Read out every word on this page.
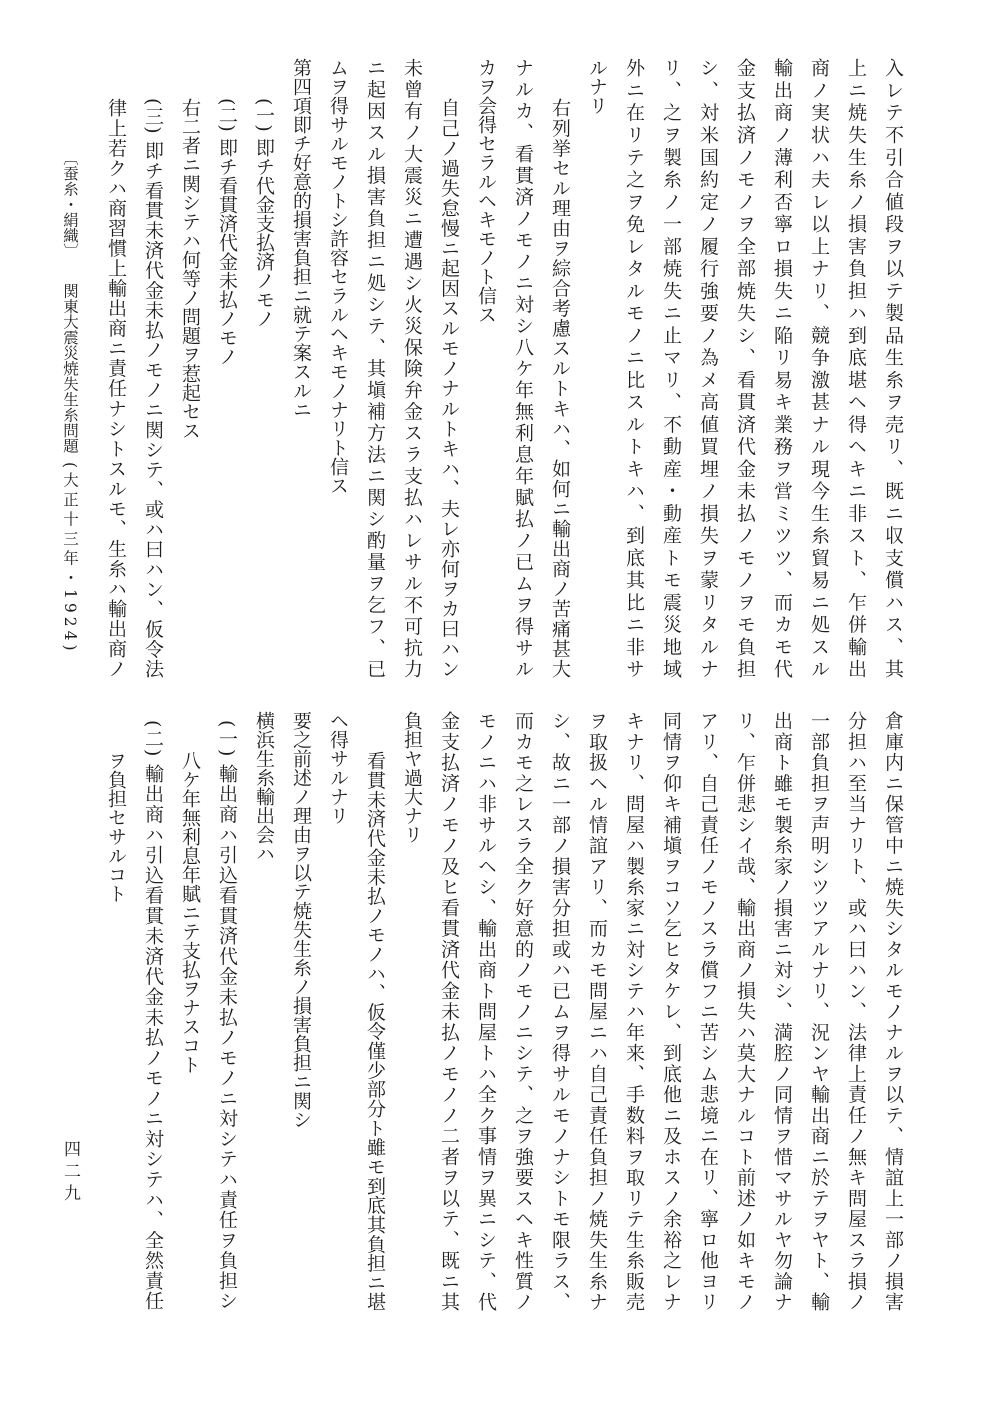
入レテ不引合値段ヲ以テ製品生糸ヲ売リ、既ニ収支償ハス、其
上ニ焼失生糸ノ損害負担ハ到底堪ヘ得ヘキニ非スト、乍併輸出
商ノ実状ハ夫レ以上ナリ、競争激甚ナル現今生糸貿易ニ処スル
輸出商ノ薄利否寧ロ損失ニ陥リ易キ業務ヲ営ミツツ、而カモ代
金支払済ノモノヲ全部焼失シ、看貫済代金未払ノモノヲモ負担
シ、対米国約定ノ履行強要ノ為メ高値買埋ノ損失ヲ蒙リタルナ
リ、之ヲ製糸ノ一部焼失ニ止マリ、不動産・動産トモ震災地域
外ニ在リテ之ヲ免レタルモノニ比スルトキハ、到底其比ニ非サ
ルナリ
右列挙セル理由ヲ綜合考慮スルトキハ、如何ニ輸出商ノ苦痛甚大
ナルカ、看貫済ノモノニ対シ八ケ年無利息年賦払ノ已ムヲ得サル
カヲ会得セラルヘキモノト信ス
自己ノ過失怠慢ニ起因スルモノナルトキハ、夫レ亦何ヲカ曰ハン
未曾有ノ大震災ニ遭遇シ火災保険弁金スラ支払ハレサル不可抗力
ニ起因スル損害負担ニ処シテ、其塡補方法ニ関シ酌量ヲ乞フ、已
ムヲ得サルモノトシ許容セラルヘキモノナリト信ス
第四項即チ好意的損害負担ニ就テ案スルニ
(一) 即チ代金支払済ノモノ
(二) 即チ看貫済代金未払ノモノ
右二者ニ関シテハ何等ノ問題ヲ惹起セス
(三) 即チ看貫未済代金未払ノモノニ関シテ、或ハ曰ハン、仮令法
律上若クハ商習慣上輸出商ニ責任ナシトスルモ、生糸ハ輸出商ノ
倉庫内ニ保管中ニ焼失シタルモノナルヲ以テ、情誼上一部ノ損害
分担ハ至当ナリト、或ハ曰ハン、法律上責任ノ無キ問屋スラ損ノ
一部負担ヲ声明シツツアルナリ、況ンヤ輸出商ニ於テヲヤト、輸
出商ト雖モ製糸家ノ損害ニ対シ、満腔ノ同情ヲ惜マサルヤ勿論ナ
リ、乍併悲シイ哉、輸出商ノ損失ハ莫大ナルコト前述ノ如キモノ
アリ、自己責任ノモノスラ償フニ苦シム悲境ニ在リ、寧ロ他ヨリ
同情ヲ仰キ補塡ヲコソ乞ヒタケレ、到底他ニ及ホスノ余裕之レナ
キナリ、問屋ハ製糸家ニ対シテハ年来、手数料ヲ取リテ生糸販売
ヲ取扱ヘル情誼アリ、而カモ問屋ニハ自己責任負担ノ焼失生糸ナ
シ、故ニ一部ノ損害分担或ハ已ムヲ得サルモノナシトモ限ラス、
而カモ之レスラ全ク好意的ノモノニシテ、之ヲ強要スヘキ性質ノ
モノニハ非サルヘシ、輸出商ト問屋トハ全ク事情ヲ異ニシテ、代
金支払済ノモノ及ヒ看貫済代金未払ノモノノ二者ヲ以テ、既ニ其
負担ヤ過大ナリ
看貫未済代金未払ノモノハ、仮令僅少部分ト雖モ到底其負担ニ堪
ヘ得サルナリ
要之前述ノ理由ヲ以テ焼失生糸ノ損害負担ニ関シ
横浜生糸輸出会ハ
(一) 輸出商ハ引込看貫済代金未払ノモノニ対シテハ責任ヲ負担シ
八ケ年無利息年賦ニテ支払ヲナスコト
(二) 輸出商ハ引込看貫未済代金未払ノモノニ対シテハ、全然責任
ヲ負担セサルコト
〔蚕糸・絹織〕
関東大震災焼失生糸問題
(大正十三年・1924)
四二九
